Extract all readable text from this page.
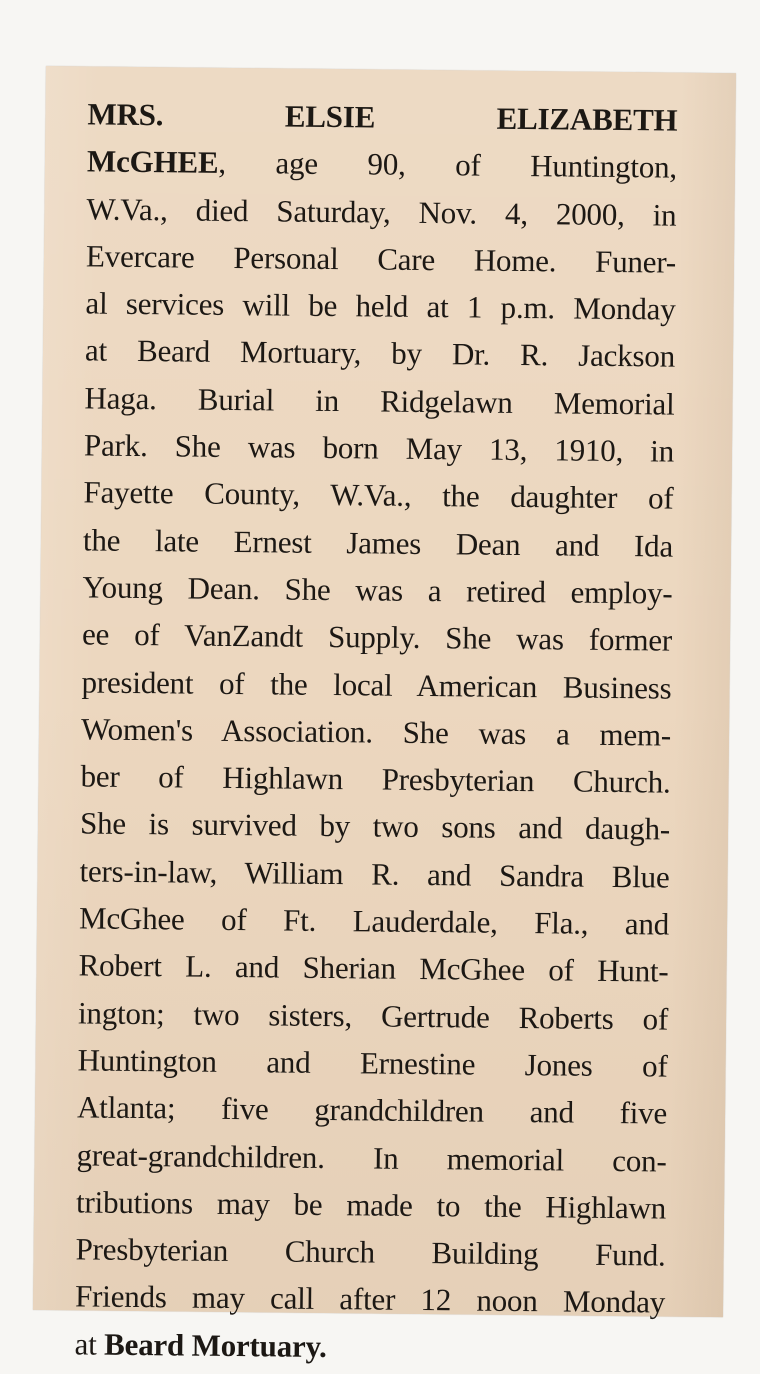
MRS. ELSIE ELIZABETH
McGHEE, age 90, of Huntington,
W.Va., died Saturday, Nov. 4, 2000, in
Evercare Personal Care Home. Funer-
al services will be held at 1 p.m. Monday
at Beard Mortuary, by Dr. R. Jackson
Haga. Burial in Ridgelawn Memorial
Park. She was born May 13, 1910, in
Fayette County, W.Va., the daughter of
the late Ernest James Dean and Ida
Young Dean. She was a retired employ-
ee of VanZandt Supply. She was former
president of the local American Business
Women's Association. She was a mem-
ber of Highlawn Presbyterian Church.
She is survived by two sons and daugh-
ters-in-law, William R. and Sandra Blue
McGhee of Ft. Lauderdale, Fla., and
Robert L. and Sherian McGhee of Hunt-
ington; two sisters, Gertrude Roberts of
Huntington and Ernestine Jones of
Atlanta; five grandchildren and five
great-grandchildren. In memorial con-
tributions may be made to the Highlawn
Presbyterian Church Building Fund.
Friends may call after 12 noon Monday
at Beard Mortuary.
